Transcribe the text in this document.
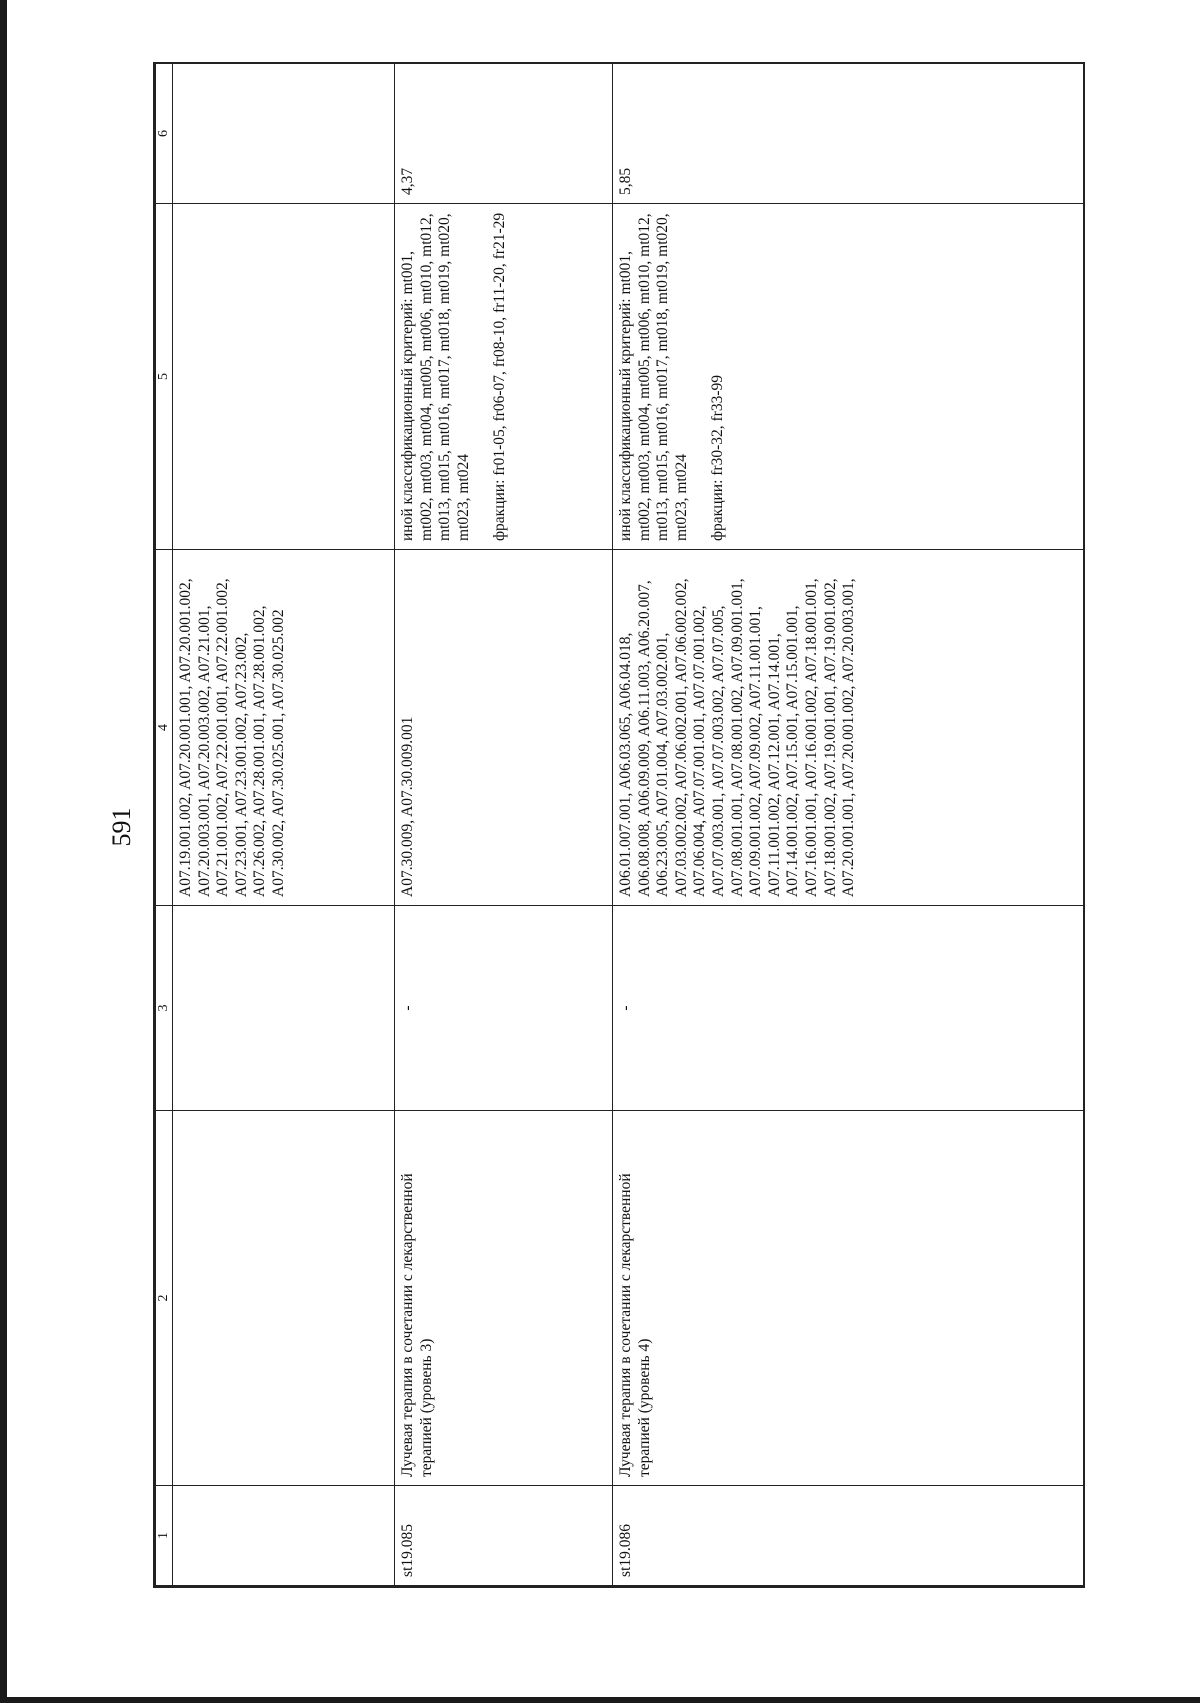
591
1	2	3	4	5	6
			A07.19.001.002, A07.20.001.001, A07.20.001.002, A07.20.003.001, A07.20.003.002, A07.21.001, A07.21.001.002, A07.22.001.001, A07.22.001.002, A07.23.001, A07.23.001.002, A07.23.002, A07.26.002, A07.28.001.001, A07.28.001.002, A07.30.002, A07.30.025.001, A07.30.025.002		
st19.085	Лучевая терапия в сочетании с лекарственной терапией (уровень 3)	-	A07.30.009, A07.30.009.001	иной классификационный критерий: mt001, mt002, mt003, mt004, mt005, mt006, mt010, mt012, mt013, mt015, mt016, mt017, mt018, mt019, mt020, mt023, mt024 фракции: fr01-05, fr06-07, fr08-10, fr11-20, fr21-29	4,37
st19.086	Лучевая терапия в сочетании с лекарственной терапией (уровень 4)	-	A06.01.007.001, A06.03.065, A06.04.018, A06.08.008, A06.09.009, A06.11.003, A06.20.007, A06.23.005, A07.01.004, A07.03.002.001, A07.03.002.002, A07.06.002.001, A07.06.002.002, A07.06.004, A07.07.001.001, A07.07.001.002, A07.07.003.001, A07.07.003.002, A07.07.005, A07.08.001.001, A07.08.001.002, A07.09.001.001, A07.09.001.002, A07.09.002, A07.11.001.001, A07.11.001.002, A07.12.001, A07.14.001, A07.14.001.002, A07.15.001, A07.15.001.001, A07.16.001.001, A07.16.001.002, A07.18.001.001, A07.18.001.002, A07.19.001.001, A07.19.001.002, A07.20.001.001, A07.20.001.002, A07.20.003.001,	иной классификационный критерий: mt001, mt002, mt003, mt004, mt005, mt006, mt010, mt012, mt013, mt015, mt016, mt017, mt018, mt019, mt020, mt023, mt024 фракции: fr30-32, fr33-99	5,85
